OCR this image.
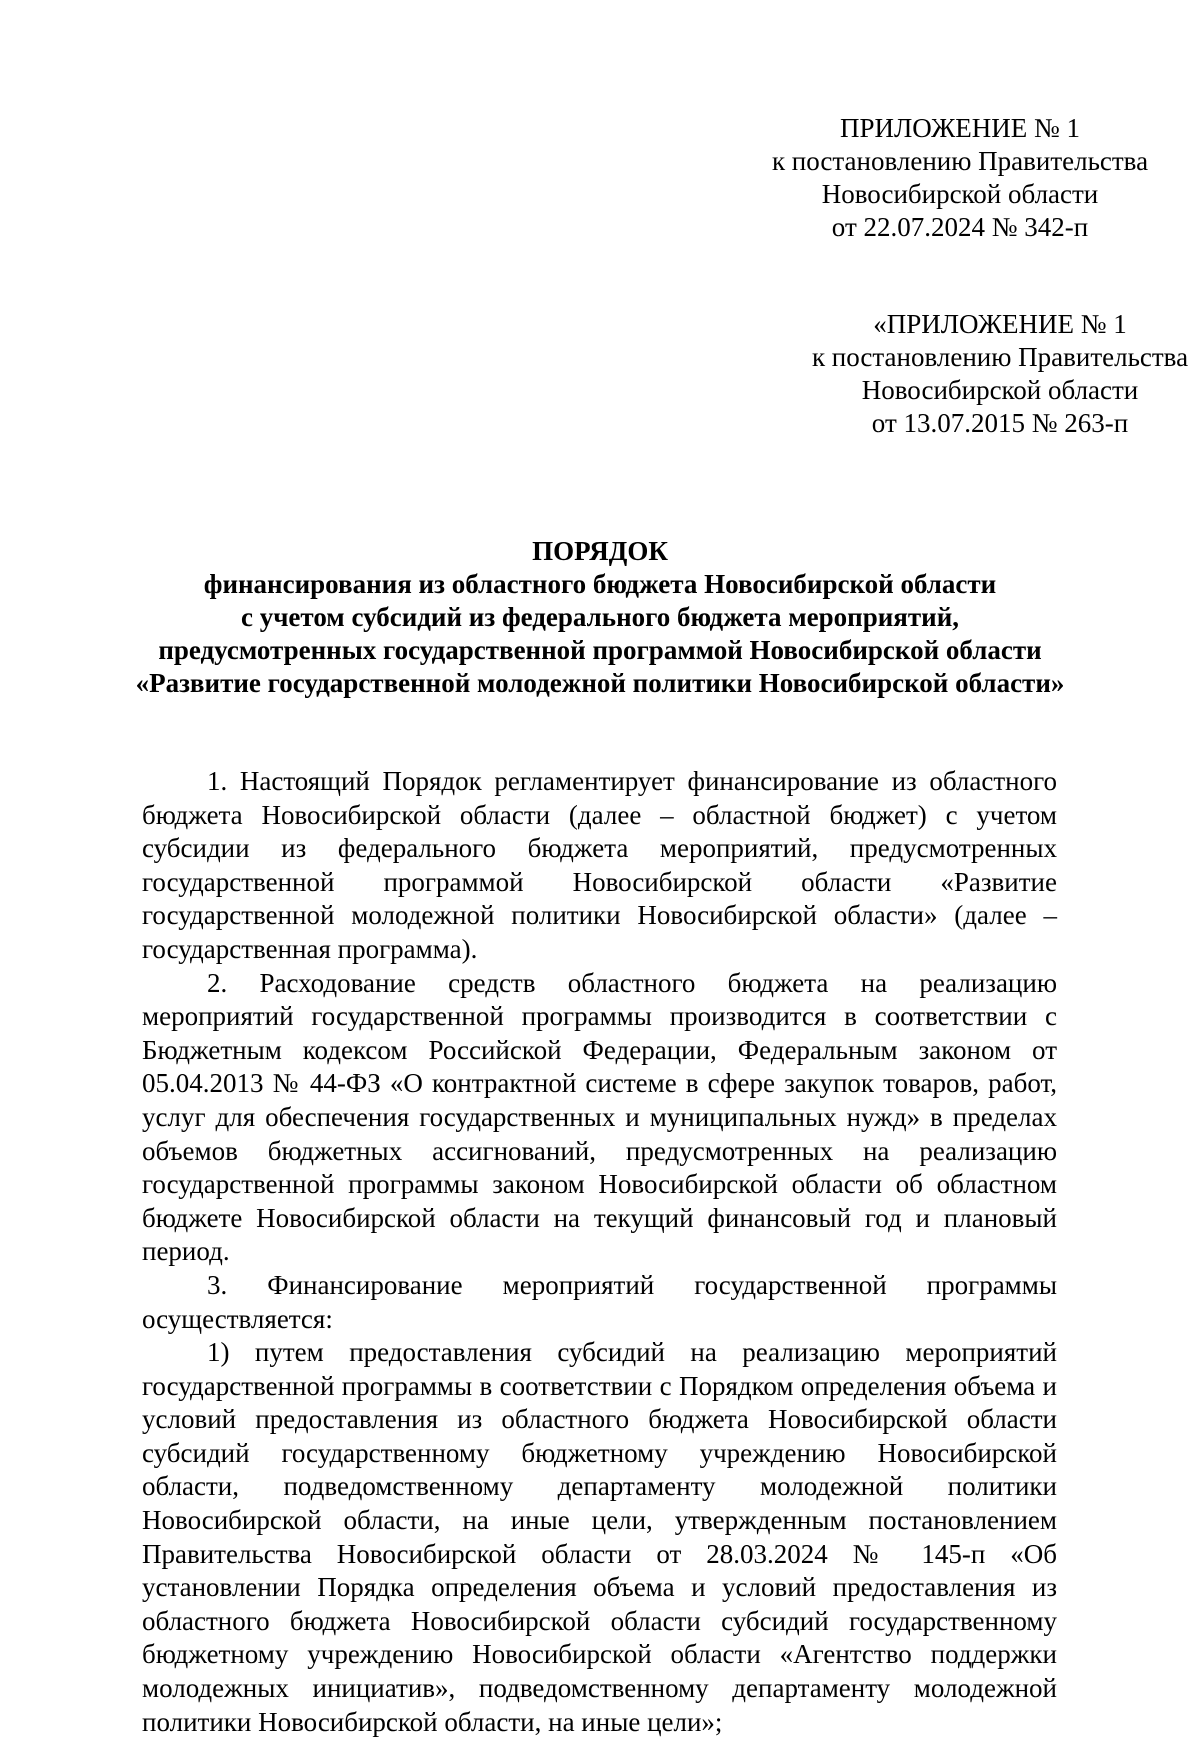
ПРИЛОЖЕНИЕ № 1
к постановлению Правительства
Новосибирской области
от 22.07.2024 № 342-п
«ПРИЛОЖЕНИЕ № 1
к постановлению Правительства
Новосибирской области
от 13.07.2015 № 263-п
ПОРЯДОК
финансирования из областного бюджета Новосибирской области
с учетом субсидий из федерального бюджета мероприятий,
предусмотренных государственной программой Новосибирской области
«Развитие государственной молодежной политики Новосибирской области»

1. Настоящий Порядок регламентирует финансирование из областного бюджета Новосибирской области (далее – областной бюджет) с учетом субсидии из федерального бюджета мероприятий, предусмотренных государственной программой Новосибирской области «Развитие государственной молодежной политики Новосибирской области» (далее – государственная программа).

2. Расходование средств областного бюджета на реализацию мероприятий государственной программы производится в соответствии с Бюджетным кодексом Российской Федерации, Федеральным законом от 05.04.2013 № 44-ФЗ «О контрактной системе в сфере закупок товаров, работ, услуг для обеспечения государственных и муниципальных нужд» в пределах объемов бюджетных ассигнований, предусмотренных на реализацию государственной программы законом Новосибирской области об областном бюджете Новосибирской области на текущий финансовый год и плановый период.

3. Финансирование мероприятий государственной программы осуществляется:

1) путем предоставления субсидий на реализацию мероприятий государственной программы в соответствии с Порядком определения объема и условий предоставления из областного бюджета Новосибирской области субсидий государственному бюджетному учреждению Новосибирской области, подведомственному департаменту молодежной политики Новосибирской области, на иные цели, утвержденным постановлением Правительства Новосибирской области от 28.03.2024 № 145-п «Об установлении Порядка определения объема и условий предоставления из областного бюджета Новосибирской области субсидий государственному бюджетному учреждению Новосибирской области «Агентство поддержки молодежных инициатив», подведомственному департаменту молодежной политики Новосибирской области, на иные цели»;
